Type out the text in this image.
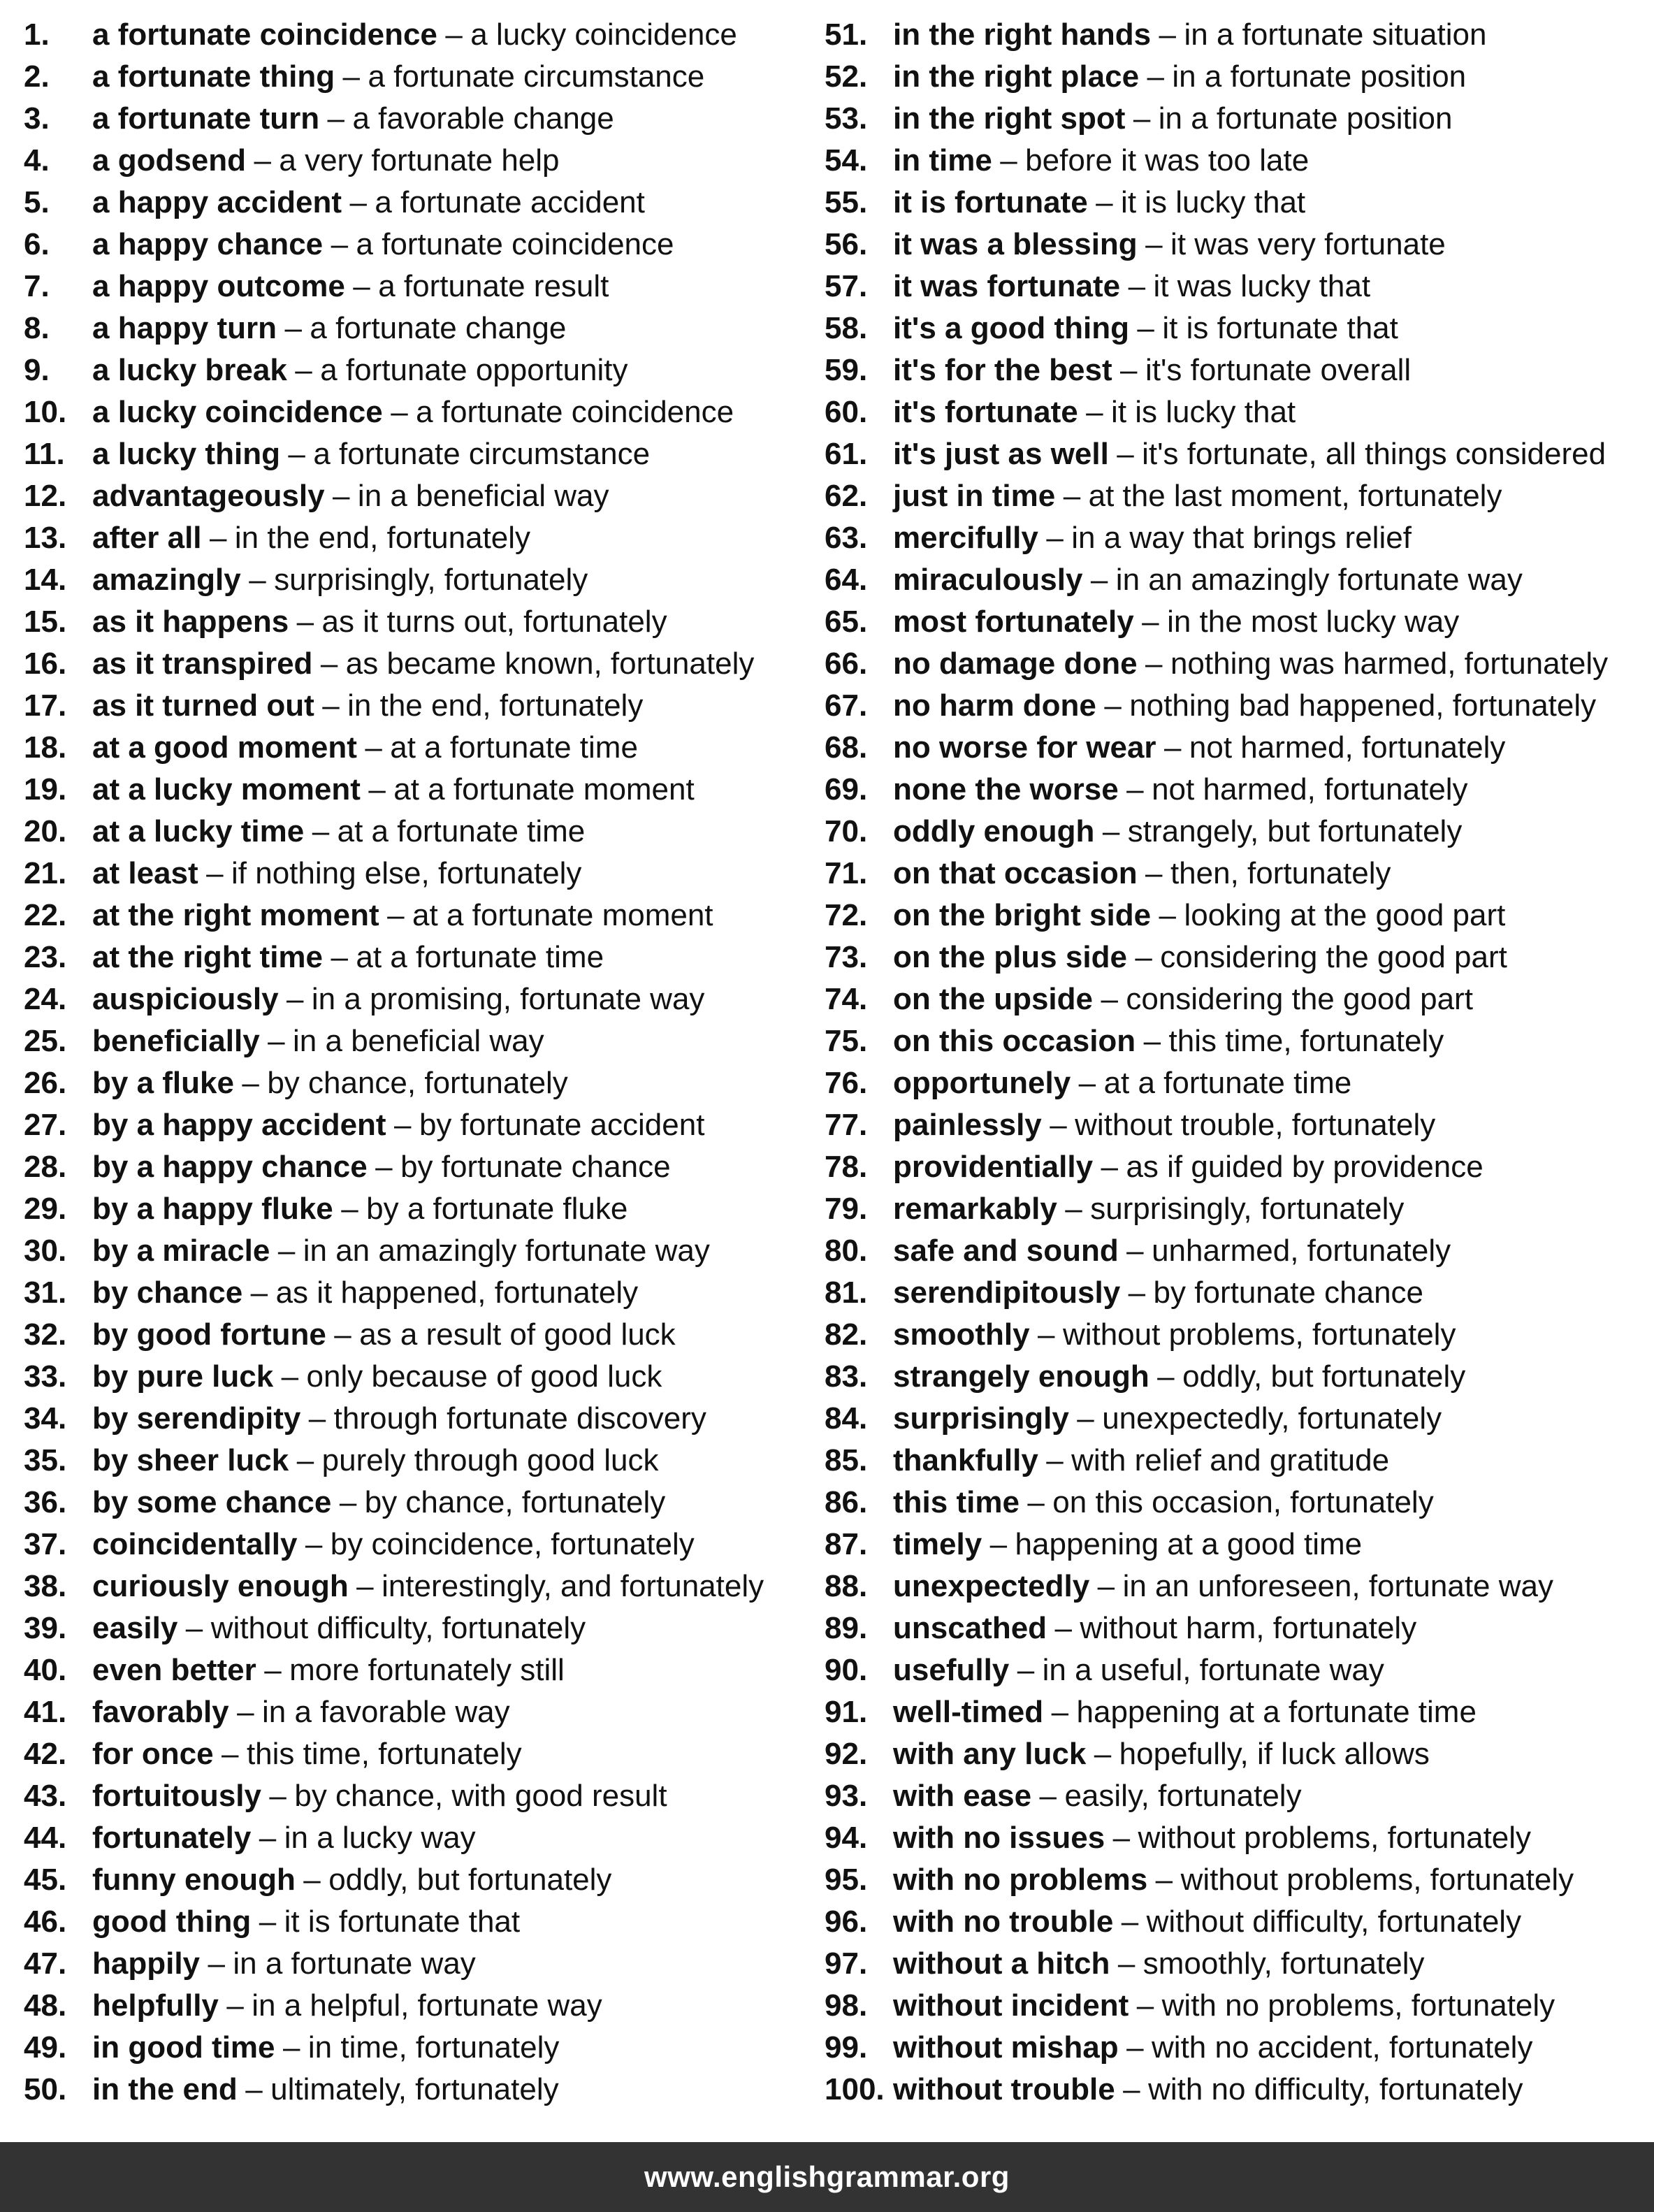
1.	a fortunate coincidence – a lucky coincidence
2.	a fortunate thing – a fortunate circumstance
3.	a fortunate turn – a favorable change
4.	a godsend – a very fortunate help
5.	a happy accident – a fortunate accident
6.	a happy chance – a fortunate coincidence
7.	a happy outcome – a fortunate result
8.	a happy turn – a fortunate change
9.	a lucky break – a fortunate opportunity
10. a lucky coincidence – a fortunate coincidence
11. a lucky thing – a fortunate circumstance
12. advantageously – in a beneficial way
13. after all – in the end, fortunately
14. amazingly – surprisingly, fortunately
15. as it happens – as it turns out, fortunately
16. as it transpired – as became known, fortunately
17. as it turned out – in the end, fortunately
18. at a good moment – at a fortunate time
19. at a lucky moment – at a fortunate moment
20. at a lucky time – at a fortunate time
21. at least – if nothing else, fortunately
22. at the right moment – at a fortunate moment
23. at the right time – at a fortunate time
24. auspiciously – in a promising, fortunate way
25. beneficially – in a beneficial way
26. by a fluke – by chance, fortunately
27. by a happy accident – by fortunate accident
28. by a happy chance – by fortunate chance
29. by a happy fluke – by a fortunate fluke
30. by a miracle – in an amazingly fortunate way
31. by chance – as it happened, fortunately
32. by good fortune – as a result of good luck
33. by pure luck – only because of good luck
34. by serendipity – through fortunate discovery
35. by sheer luck – purely through good luck
36. by some chance – by chance, fortunately
37. coincidentally – by coincidence, fortunately
38. curiously enough – interestingly, and fortunately
39. easily – without difficulty, fortunately
40. even better – more fortunately still
41. favorably – in a favorable way
42. for once – this time, fortunately
43. fortuitously – by chance, with good result
44. fortunately – in a lucky way
45. funny enough – oddly, but fortunately
46. good thing – it is fortunate that
47. happily – in a fortunate way
48. helpfully – in a helpful, fortunate way
49. in good time – in time, fortunately
50. in the end – ultimately, fortunately
51. in the right hands – in a fortunate situation
52. in the right place – in a fortunate position
53. in the right spot – in a fortunate position
54. in time – before it was too late
55. it is fortunate – it is lucky that
56. it was a blessing – it was very fortunate
57. it was fortunate – it was lucky that
58. it's a good thing – it is fortunate that
59. it's for the best – it's fortunate overall
60. it's fortunate – it is lucky that
61. it's just as well – it's fortunate, all things considered
62. just in time – at the last moment, fortunately
63. mercifully – in a way that brings relief
64. miraculously – in an amazingly fortunate way
65. most fortunately – in the most lucky way
66. no damage done – nothing was harmed, fortunately
67. no harm done – nothing bad happened, fortunately
68. no worse for wear – not harmed, fortunately
69. none the worse – not harmed, fortunately
70. oddly enough – strangely, but fortunately
71. on that occasion – then, fortunately
72. on the bright side – looking at the good part
73. on the plus side – considering the good part
74. on the upside – considering the good part
75. on this occasion – this time, fortunately
76. opportunely – at a fortunate time
77. painlessly – without trouble, fortunately
78. providentially – as if guided by providence
79. remarkably – surprisingly, fortunately
80. safe and sound – unharmed, fortunately
81. serendipitously – by fortunate chance
82. smoothly – without problems, fortunately
83. strangely enough – oddly, but fortunately
84. surprisingly – unexpectedly, fortunately
85. thankfully – with relief and gratitude
86. this time – on this occasion, fortunately
87. timely – happening at a good time
88. unexpectedly – in an unforeseen, fortunate way
89. unscathed – without harm, fortunately
90. usefully – in a useful, fortunate way
91. well-timed – happening at a fortunate time
92. with any luck – hopefully, if luck allows
93. with ease – easily, fortunately
94. with no issues – without problems, fortunately
95. with no problems – without problems, fortunately
96. with no trouble – without difficulty, fortunately
97. without a hitch – smoothly, fortunately
98. without incident – with no problems, fortunately
99. without mishap – with no accident, fortunately
100. without trouble – with no difficulty, fortunately
www.englishgrammar.org
